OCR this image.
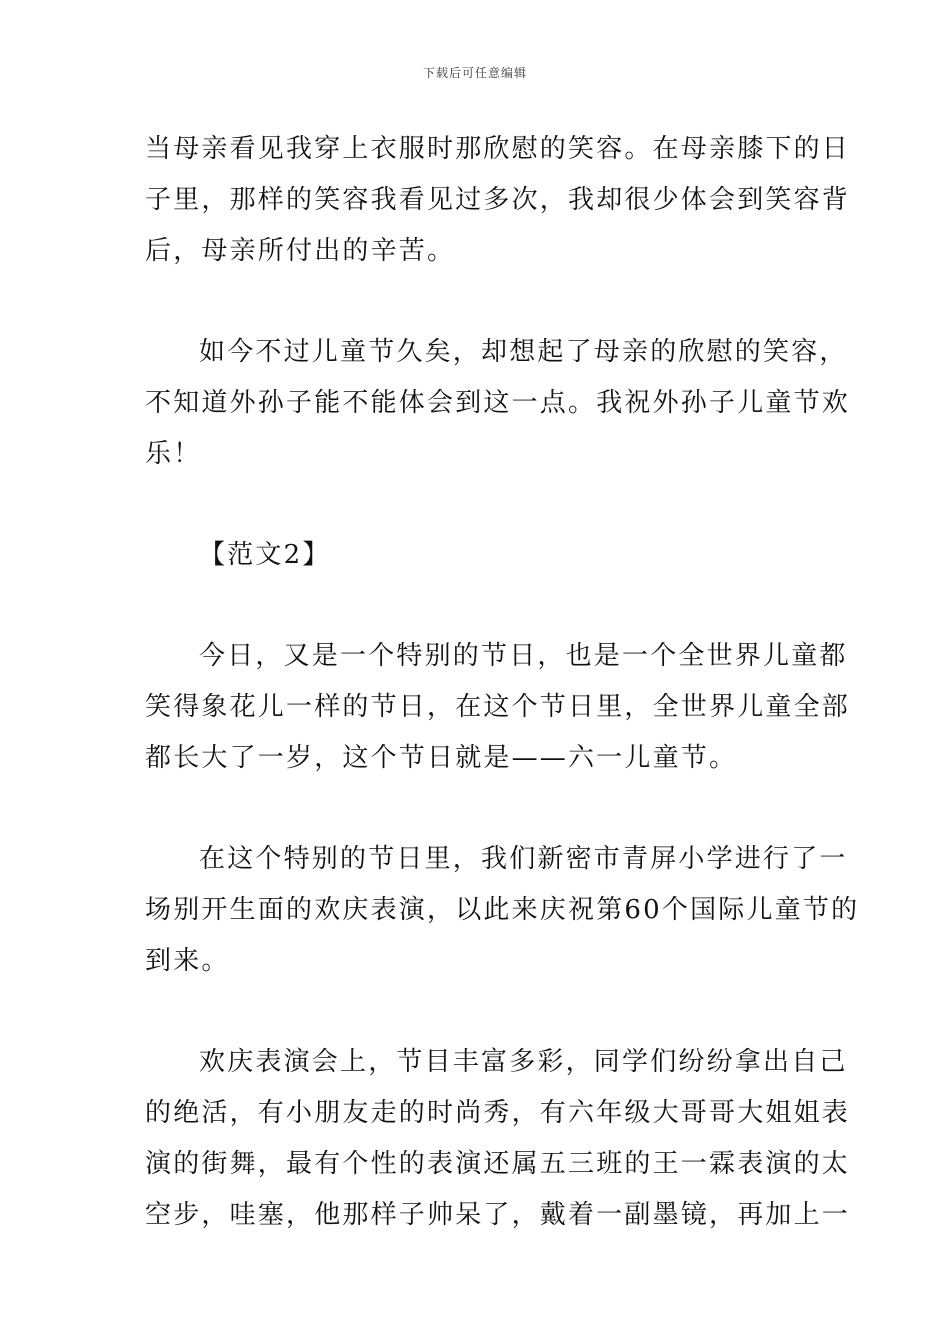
下载后可任意编辑
当母亲看见我穿上衣服时那欣慰的笑容。在母亲膝下的日
子里，那样的笑容我看见过多次，我却很少体会到笑容背
后，母亲所付出的辛苦。
如今不过儿童节久矣，却想起了母亲的欣慰的笑容，
不知道外孙子能不能体会到这一点。我祝外孙子儿童节欢
乐！
【范文2】
今日，又是一个特别的节日，也是一个全世界儿童都
笑得象花儿一样的节日，在这个节日里，全世界儿童全部
都长大了一岁，这个节日就是——六一儿童节。
在这个特别的节日里，我们新密市青屏小学进行了一
场别开生面的欢庆表演，以此来庆祝第60个国际儿童节的
到来。
欢庆表演会上，节目丰富多彩，同学们纷纷拿出自己
的绝活，有小朋友走的时尚秀，有六年级大哥哥大姐姐表
演的街舞，最有个性的表演还属五三班的王一霖表演的太
空步，哇塞，他那样子帅呆了，戴着一副墨镜，再加上一
